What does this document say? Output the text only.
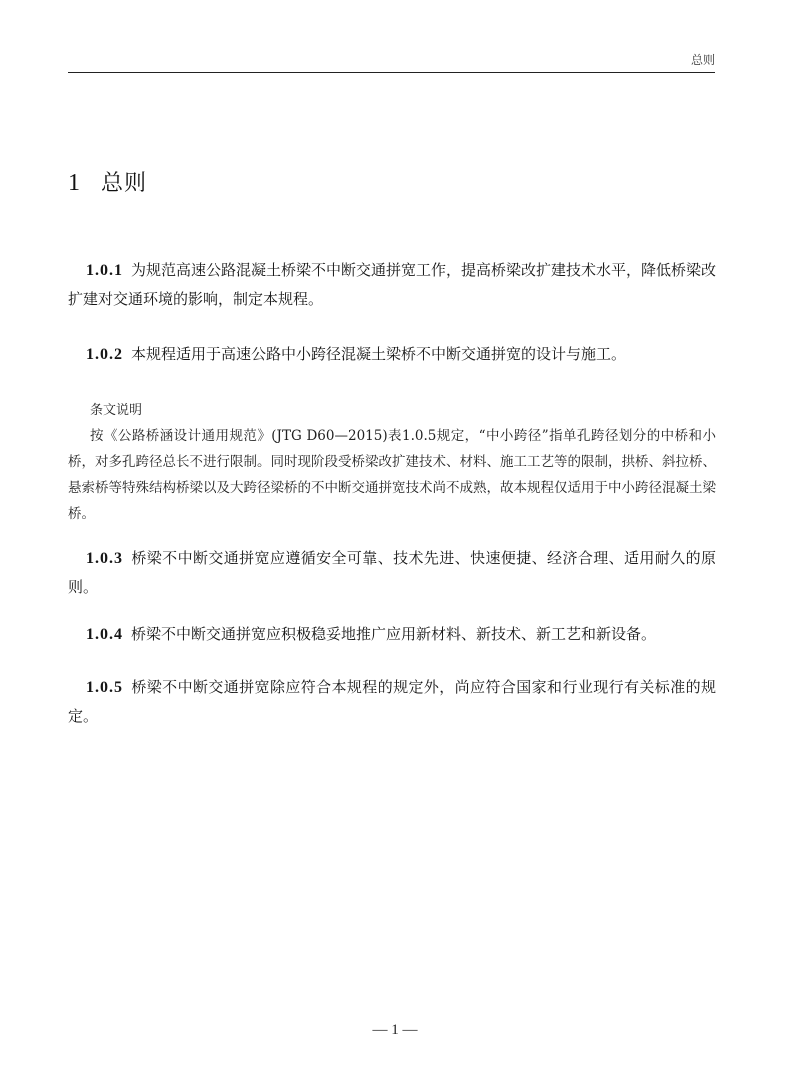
总则
1 总则

1.0.1 为规范高速公路混凝土桥梁不中断交通拼宽工作，提高桥梁改扩建技术水平，降低桥梁改扩建对交通环境的影响，制定本规程。

1.0.2 本规程适用于高速公路中小跨径混凝土梁桥不中断交通拼宽的设计与施工。

条文说明

按《公路桥涵设计通用规范》(JTG D60—2015)表1.0.5规定，“中小跨径”指单孔跨径划分的中桥和小桥，对多孔跨径总长不进行限制。同时现阶段受桥梁改扩建技术、材料、施工工艺等的限制，拱桥、斜拉桥、悬索桥等特殊结构桥梁以及大跨径梁桥的不中断交通拼宽技术尚不成熟，故本规程仅适用于中小跨径混凝土梁桥。

1.0.3 桥梁不中断交通拼宽应遵循安全可靠、技术先进、快速便捷、经济合理、适用耐久的原则。

1.0.4 桥梁不中断交通拼宽应积极稳妥地推广应用新材料、新技术、新工艺和新设备。

1.0.5 桥梁不中断交通拼宽除应符合本规程的规定外，尚应符合国家和行业现行有关标准的规定。

— 1 —
